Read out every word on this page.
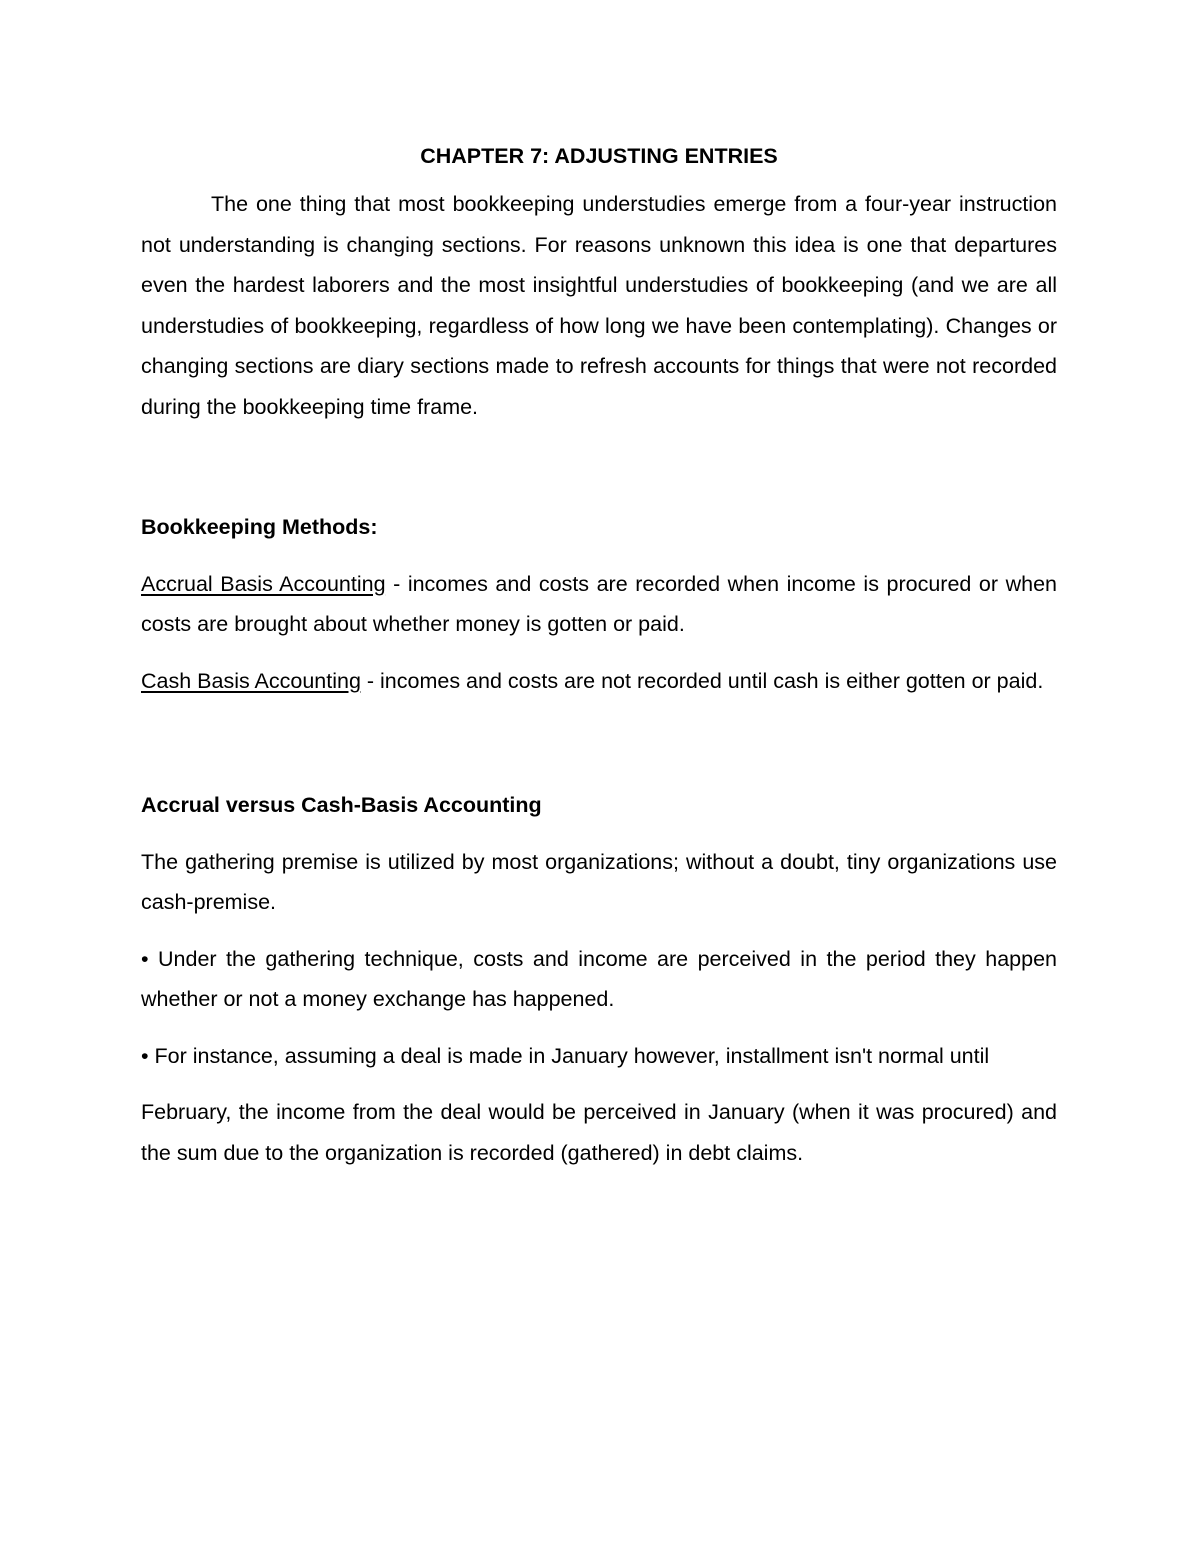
CHAPTER 7: ADJUSTING ENTRIES

The one thing that most bookkeeping understudies emerge from a four-year instruction not understanding is changing sections. For reasons unknown this idea is one that departures even the hardest laborers and the most insightful understudies of bookkeeping (and we are all understudies of bookkeeping, regardless of how long we have been contemplating). Changes or changing sections are diary sections made to refresh accounts for things that were not recorded during the bookkeeping time frame.

Bookkeeping Methods:

Accrual Basis Accounting - incomes and costs are recorded when income is procured or when costs are brought about whether money is gotten or paid.

Cash Basis Accounting - incomes and costs are not recorded until cash is either gotten or paid.

Accrual versus Cash-Basis Accounting

The gathering premise is utilized by most organizations; without a doubt, tiny organizations use cash-premise.

• Under the gathering technique, costs and income are perceived in the period they happen whether or not a money exchange has happened.

• For instance, assuming a deal is made in January however, installment isn't normal until

February, the income from the deal would be perceived in January (when it was procured) and the sum due to the organization is recorded (gathered) in debt claims.
